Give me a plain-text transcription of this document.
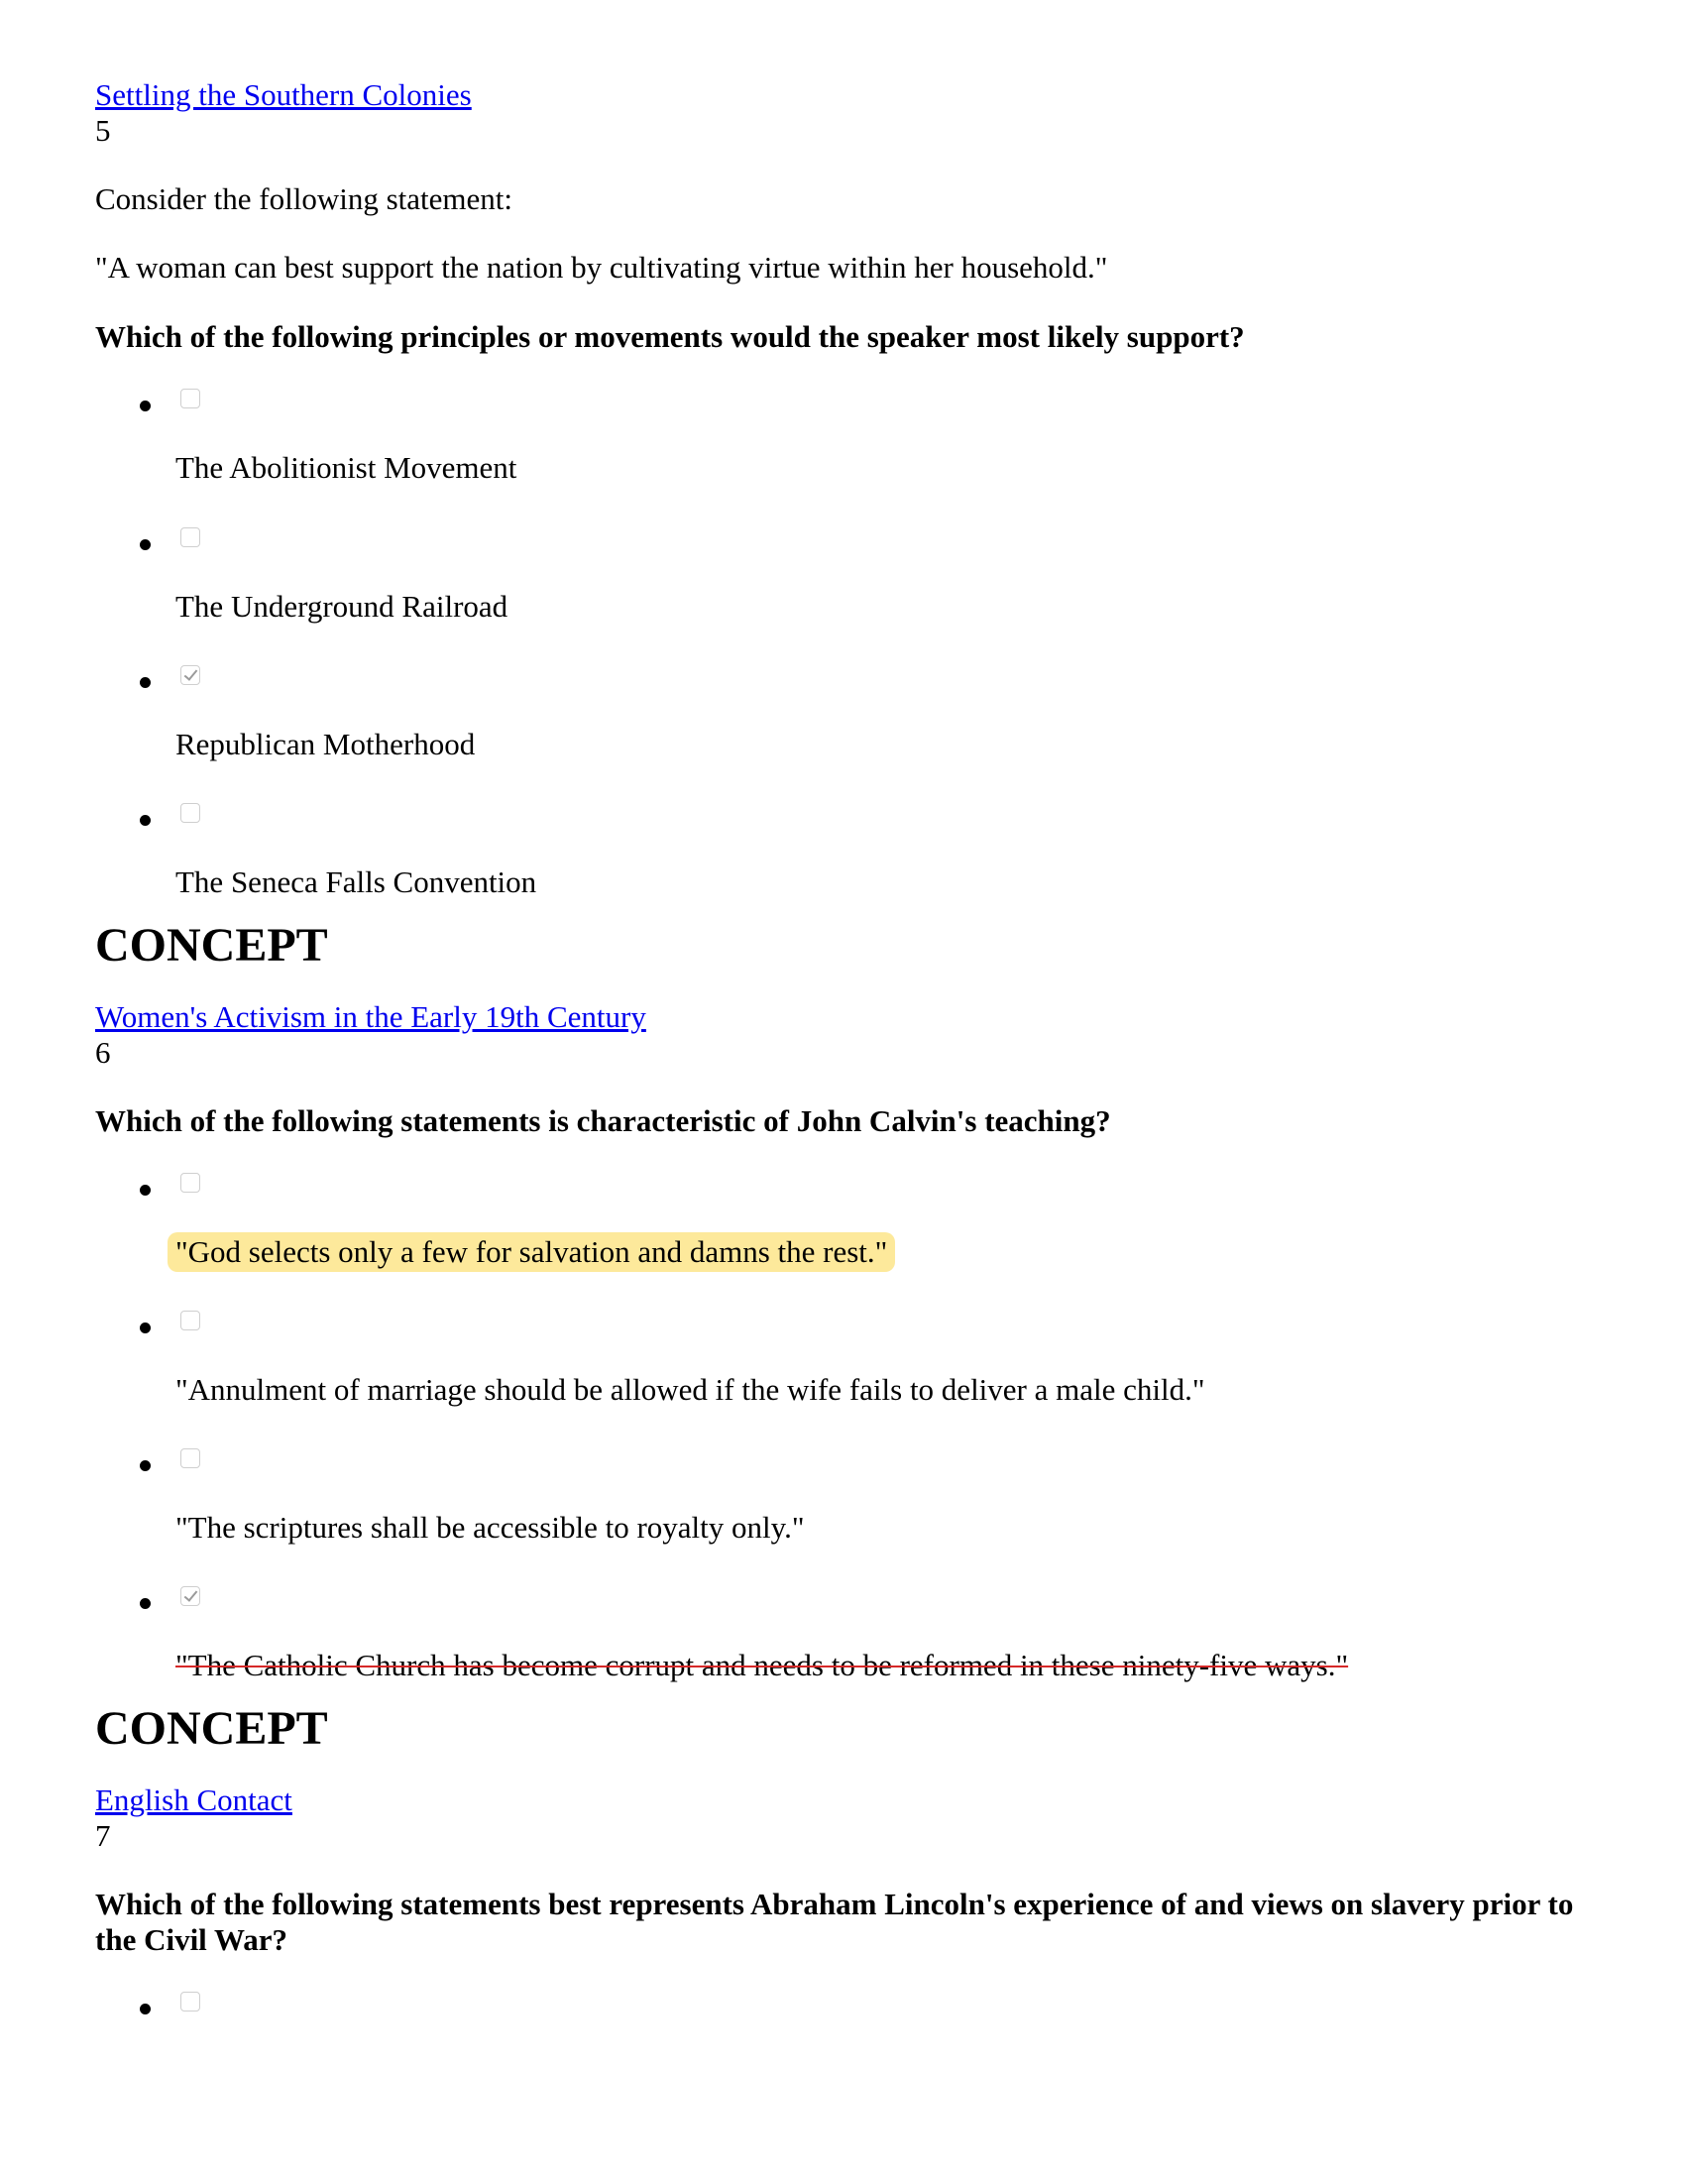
Settling the Southern Colonies
5

Consider the following statement:

"A woman can best support the nation by cultivating virtue within her household."

Which of the following principles or movements would the speaker most likely support?

The Abolitionist Movement
The Underground Railroad
Republican Motherhood
The Seneca Falls Convention
CONCEPT
Women's Activism in the Early 19th Century
6

Which of the following statements is characteristic of John Calvin's teaching?

"God selects only a few for salvation and damns the rest."
"Annulment of marriage should be allowed if the wife fails to deliver a male child."
"The scriptures shall be accessible to royalty only."
"The Catholic Church has become corrupt and needs to be reformed in these ninety-five ways."
CONCEPT
English Contact
7

Which of the following statements best represents Abraham Lincoln's experience of and views on slavery prior to the Civil War?
